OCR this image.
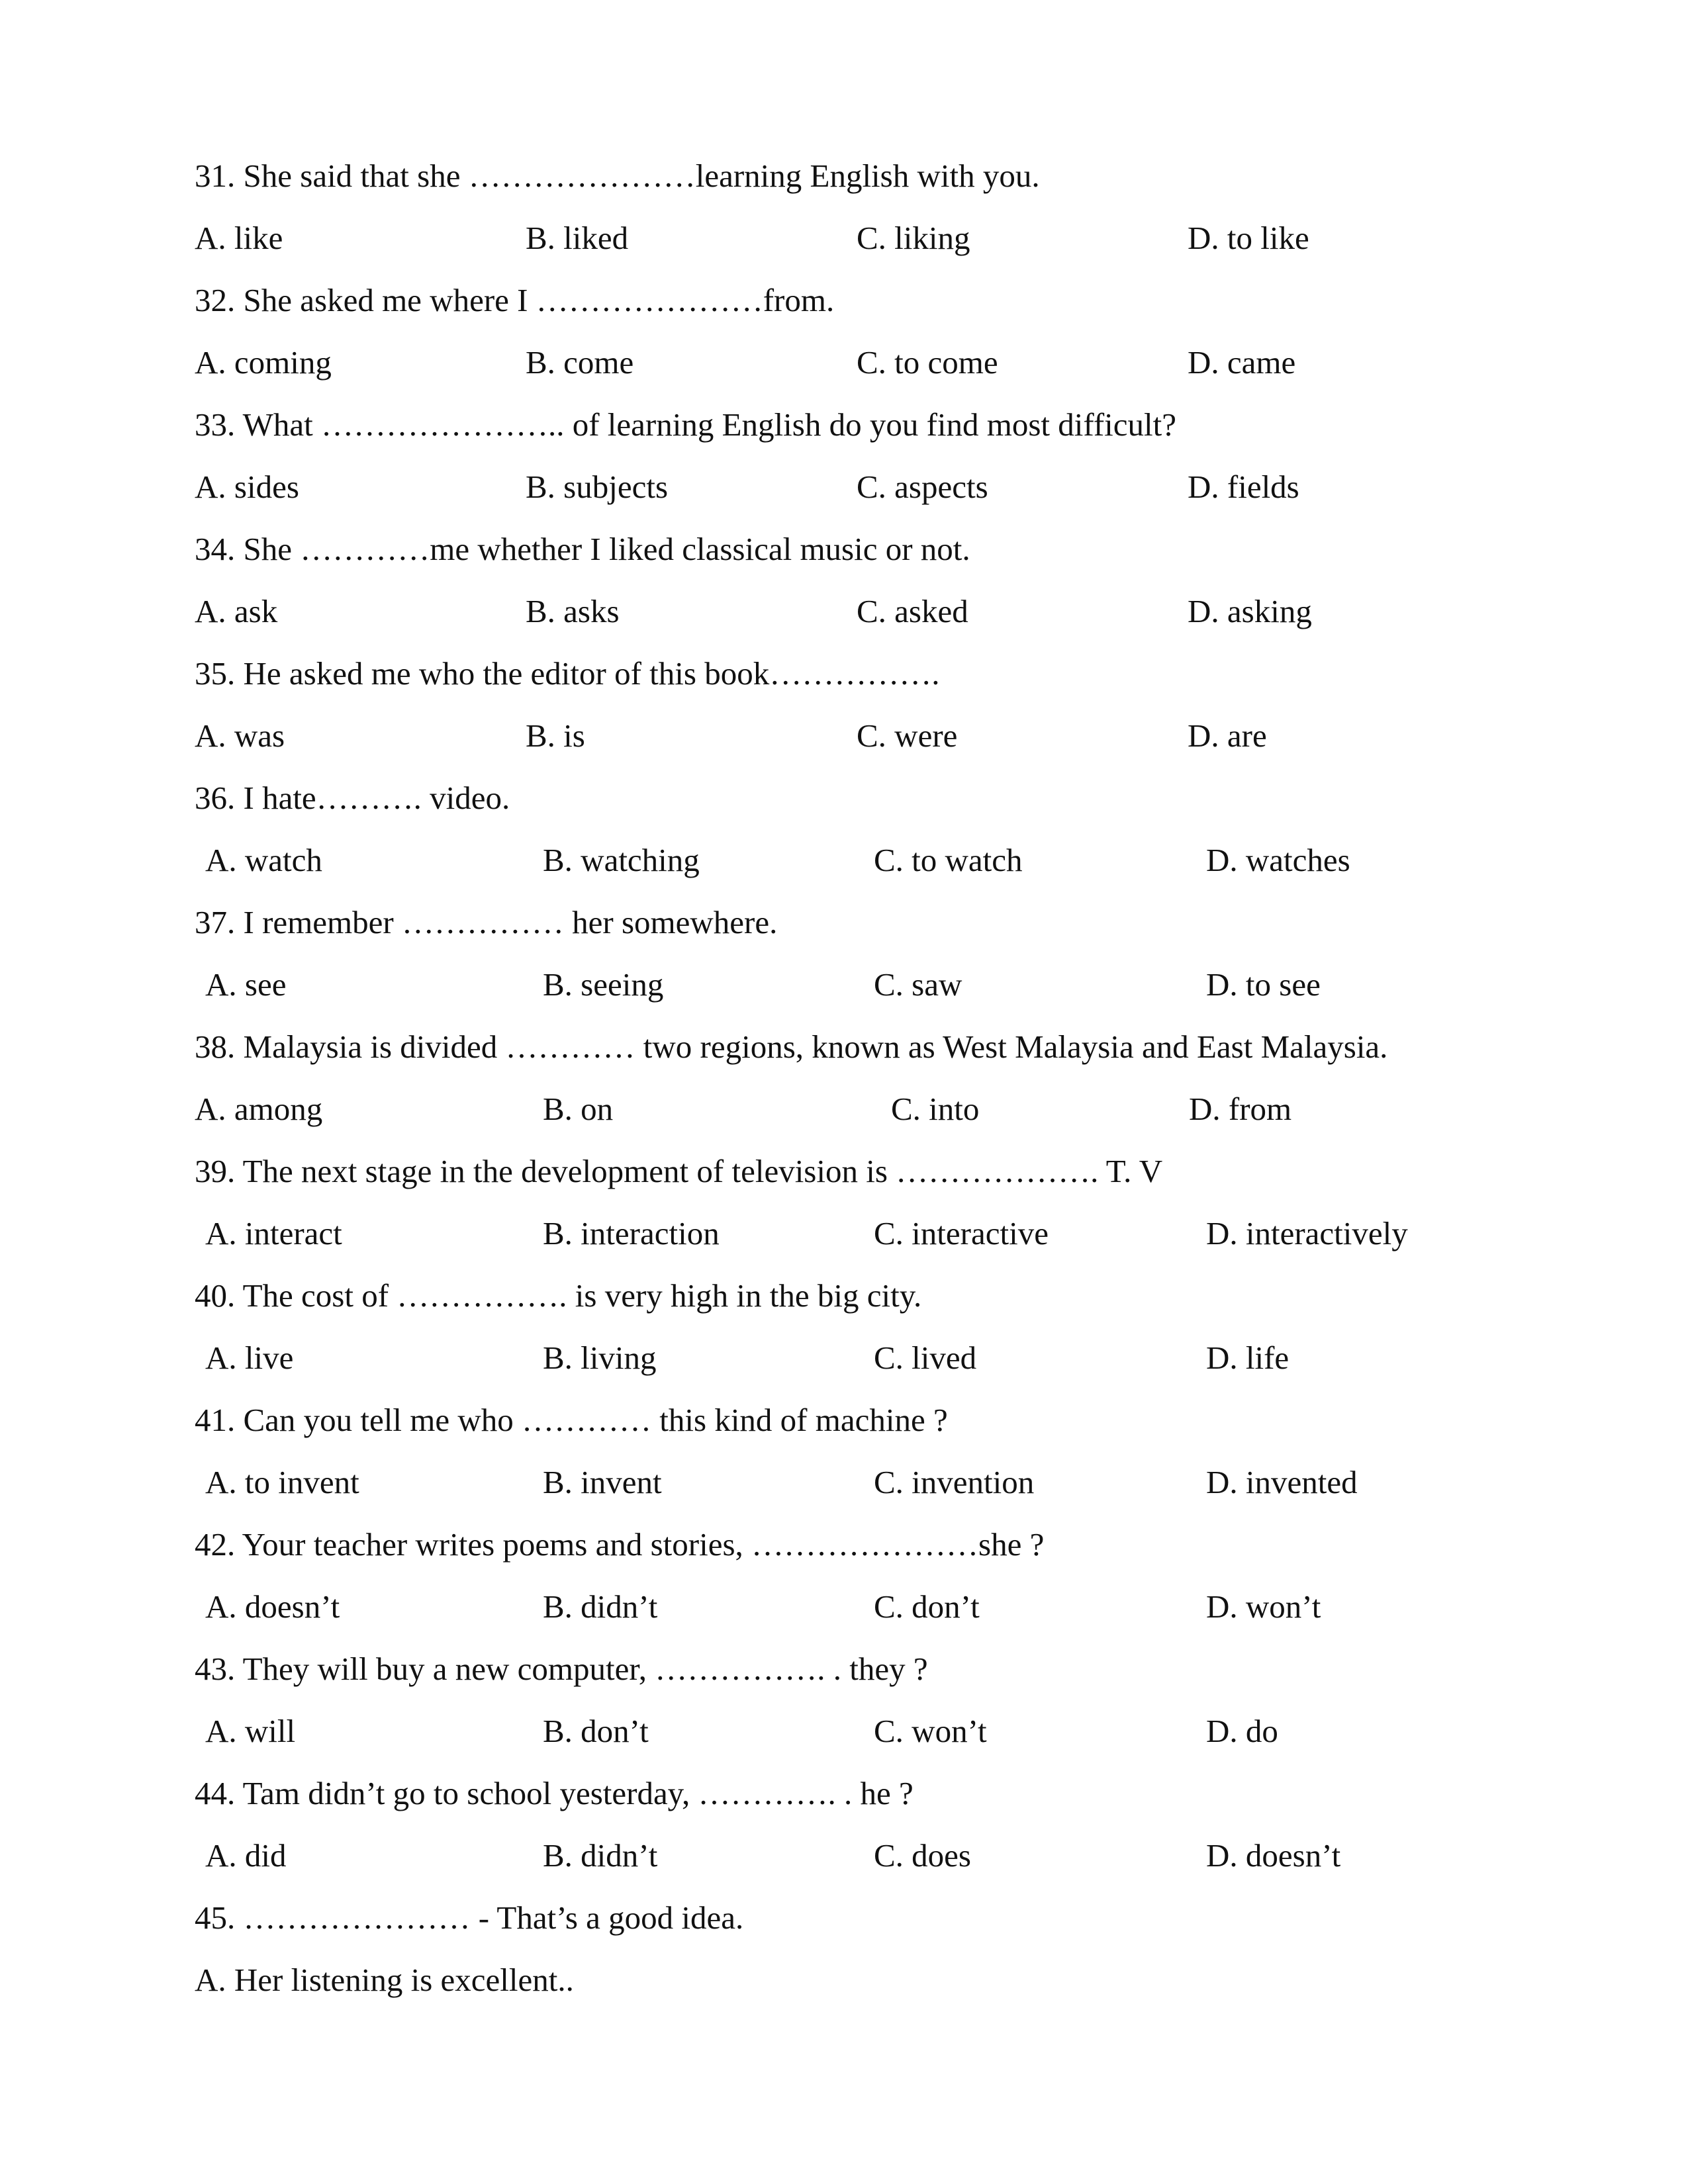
31. She said that she …………………learning English with you.
A. like	B. liked	C. liking	D. to like
32. She asked me where I …………………from.
A. coming	B. come	C. to come	D. came
33. What ………………….. of learning English do you find most difficult?
A. sides	B. subjects	C. aspects	D. fields
34. She …………me whether I liked classical music or not.
A. ask	B. asks	C. asked	D. asking
35. He asked me who the editor of this book…………….
A. was	B. is	C. were	D. are
36. I hate………. video.
A. watch	B. watching	C. to watch	D. watches
37. I remember …………… her somewhere.
A. see	B. seeing	C. saw	D. to see
38. Malaysia is divided ………… two regions, known as West Malaysia and East Malaysia.
A. among	B. on	C. into	D. from
39. The next stage in the development of television is ………………. T. V
A. interact	B. interaction	C. interactive	D. interactively
40. The cost of ……………. is very high in the big city.
A. live	B. living	C. lived	D. life
41. Can you tell me who ………… this kind of machine ?
A. to invent	B. invent	C. invention	D. invented
42. Your teacher writes poems and stories, …………………she ?
A. doesn’t	B. didn’t	C. don’t	D. won’t
43. They will buy a new computer, ……………. . they ?
A. will	B. don’t	C. won’t	D. do
44. Tam didn’t go to school yesterday, …………. . he ?
A. did	B. didn’t	C. does	D. doesn’t
45. ………………… - That’s a good idea.
A. Her listening is excellent..
